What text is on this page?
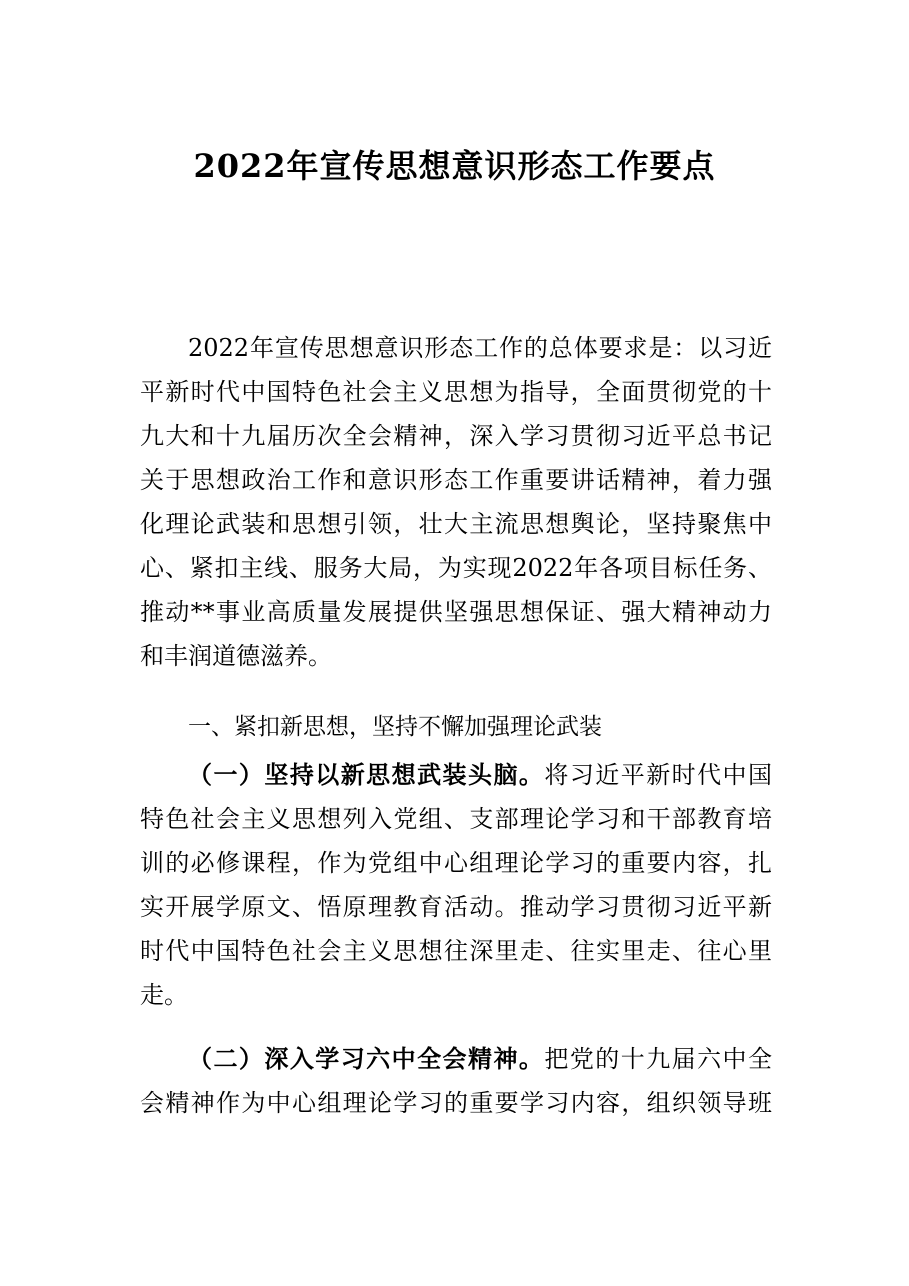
2022年宣传思想意识形态工作要点
2022年宣传思想意识形态工作的总体要求是：以习近
平新时代中国特色社会主义思想为指导，全面贯彻党的十
九大和十九届历次全会精神，深入学习贯彻习近平总书记
关于思想政治工作和意识形态工作重要讲话精神，着力强
化理论武装和思想引领，壮大主流思想舆论，坚持聚焦中
心、紧扣主线、服务大局，为实现2022年各项目标任务、
推动**事业高质量发展提供坚强思想保证、强大精神动力
和丰润道德滋养。
一、紧扣新思想，坚持不懈加强理论武装
（一）坚持以新思想武装头脑。将习近平新时代中国
特色社会主义思想列入党组、支部理论学习和干部教育培
训的必修课程，作为党组中心组理论学习的重要内容，扎
实开展学原文、悟原理教育活动。推动学习贯彻习近平新
时代中国特色社会主义思想往深里走、往实里走、往心里
走。
（二）深入学习六中全会精神。把党的十九届六中全
会精神作为中心组理论学习的重要学习内容，组织领导班
